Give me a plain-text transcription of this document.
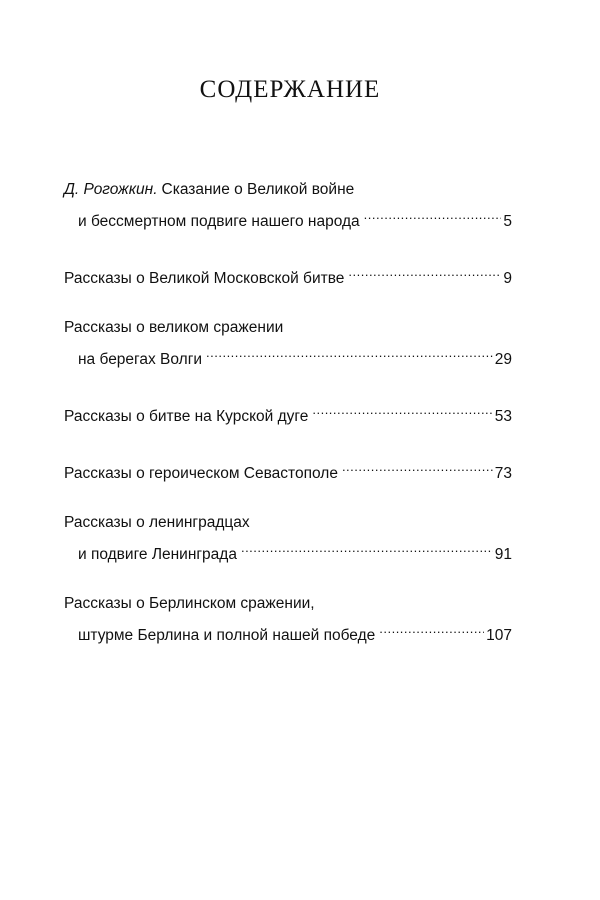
СОДЕРЖАНИЕ
Д. Рогожкин. Сказание о Великой войне
и бессмертном подвиге нашего народа .....	5
Рассказы о Великой Московской битве .....	9
Рассказы о великом сражении
на берегах Волги .....	29
Рассказы о битве на Курской дуге .....	53
Рассказы о героическом Севастополе .....	73
Рассказы о ленинградцах
и подвиге Ленинграда .....	91
Рассказы о Берлинском сражении,
штурме Берлина и полной нашей победе .....	107
